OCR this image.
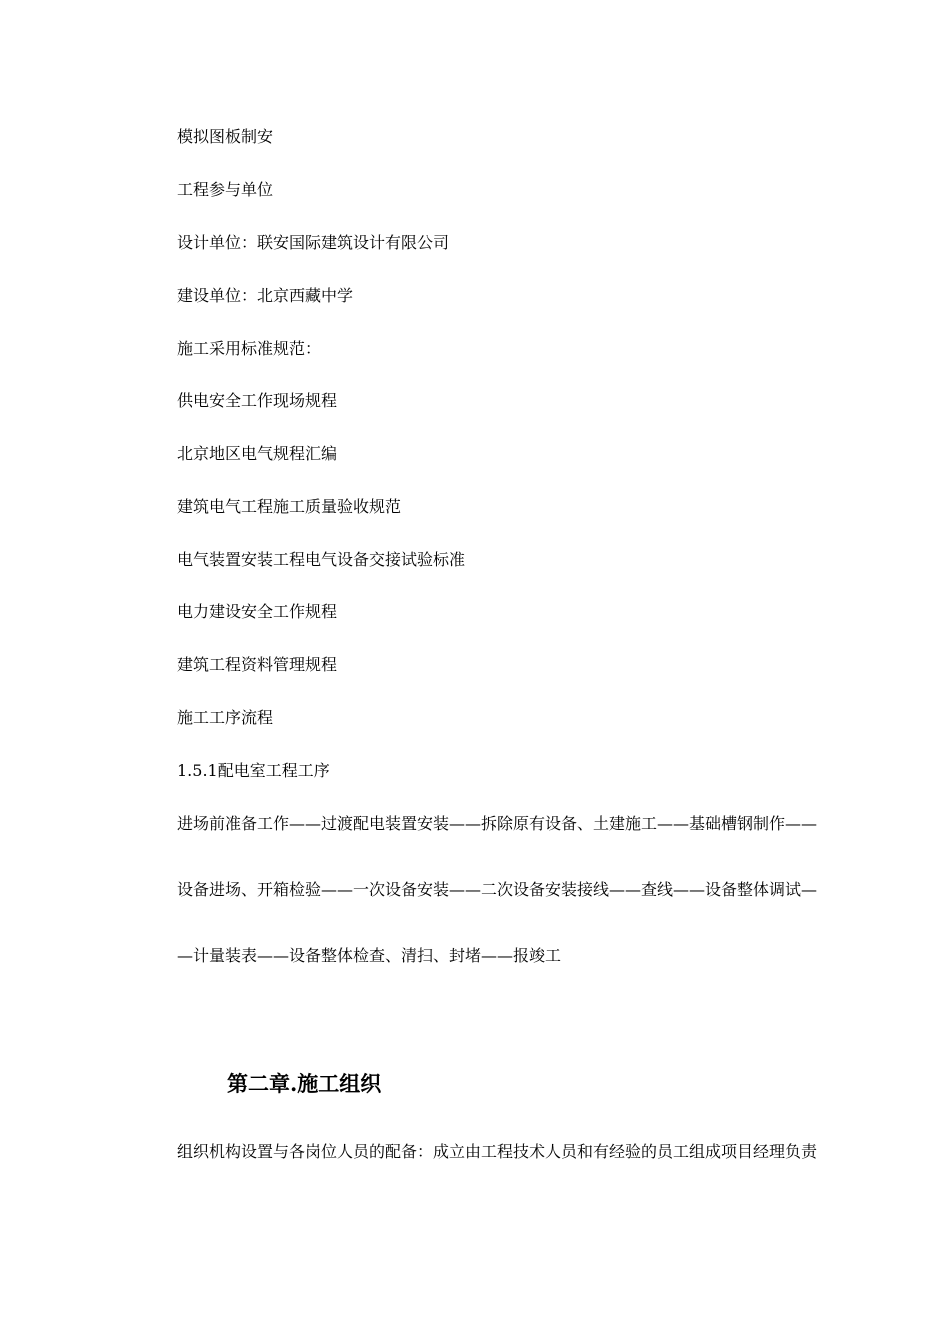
模拟图板制安
工程参与单位
设计单位：联安国际建筑设计有限公司
建设单位：北京西藏中学
施工采用标准规范：
供电安全工作现场规程
北京地区电气规程汇编
建筑电气工程施工质量验收规范
电气装置安装工程电气设备交接试验标准
电力建设安全工作规程
建筑工程资料管理规程
施工工序流程
1.5.1配电室工程工序
进场前准备工作——过渡配电装置安装——拆除原有设备、土建施工——基础槽钢制作——
设备进场、开箱检验——一次设备安装——二次设备安装接线——查线——设备整体调试—
—计量装表——设备整体检查、清扫、封堵——报竣工
第二章.施工组织
组织机构设置与各岗位人员的配备：成立由工程技术人员和有经验的员工组成项目经理负责
